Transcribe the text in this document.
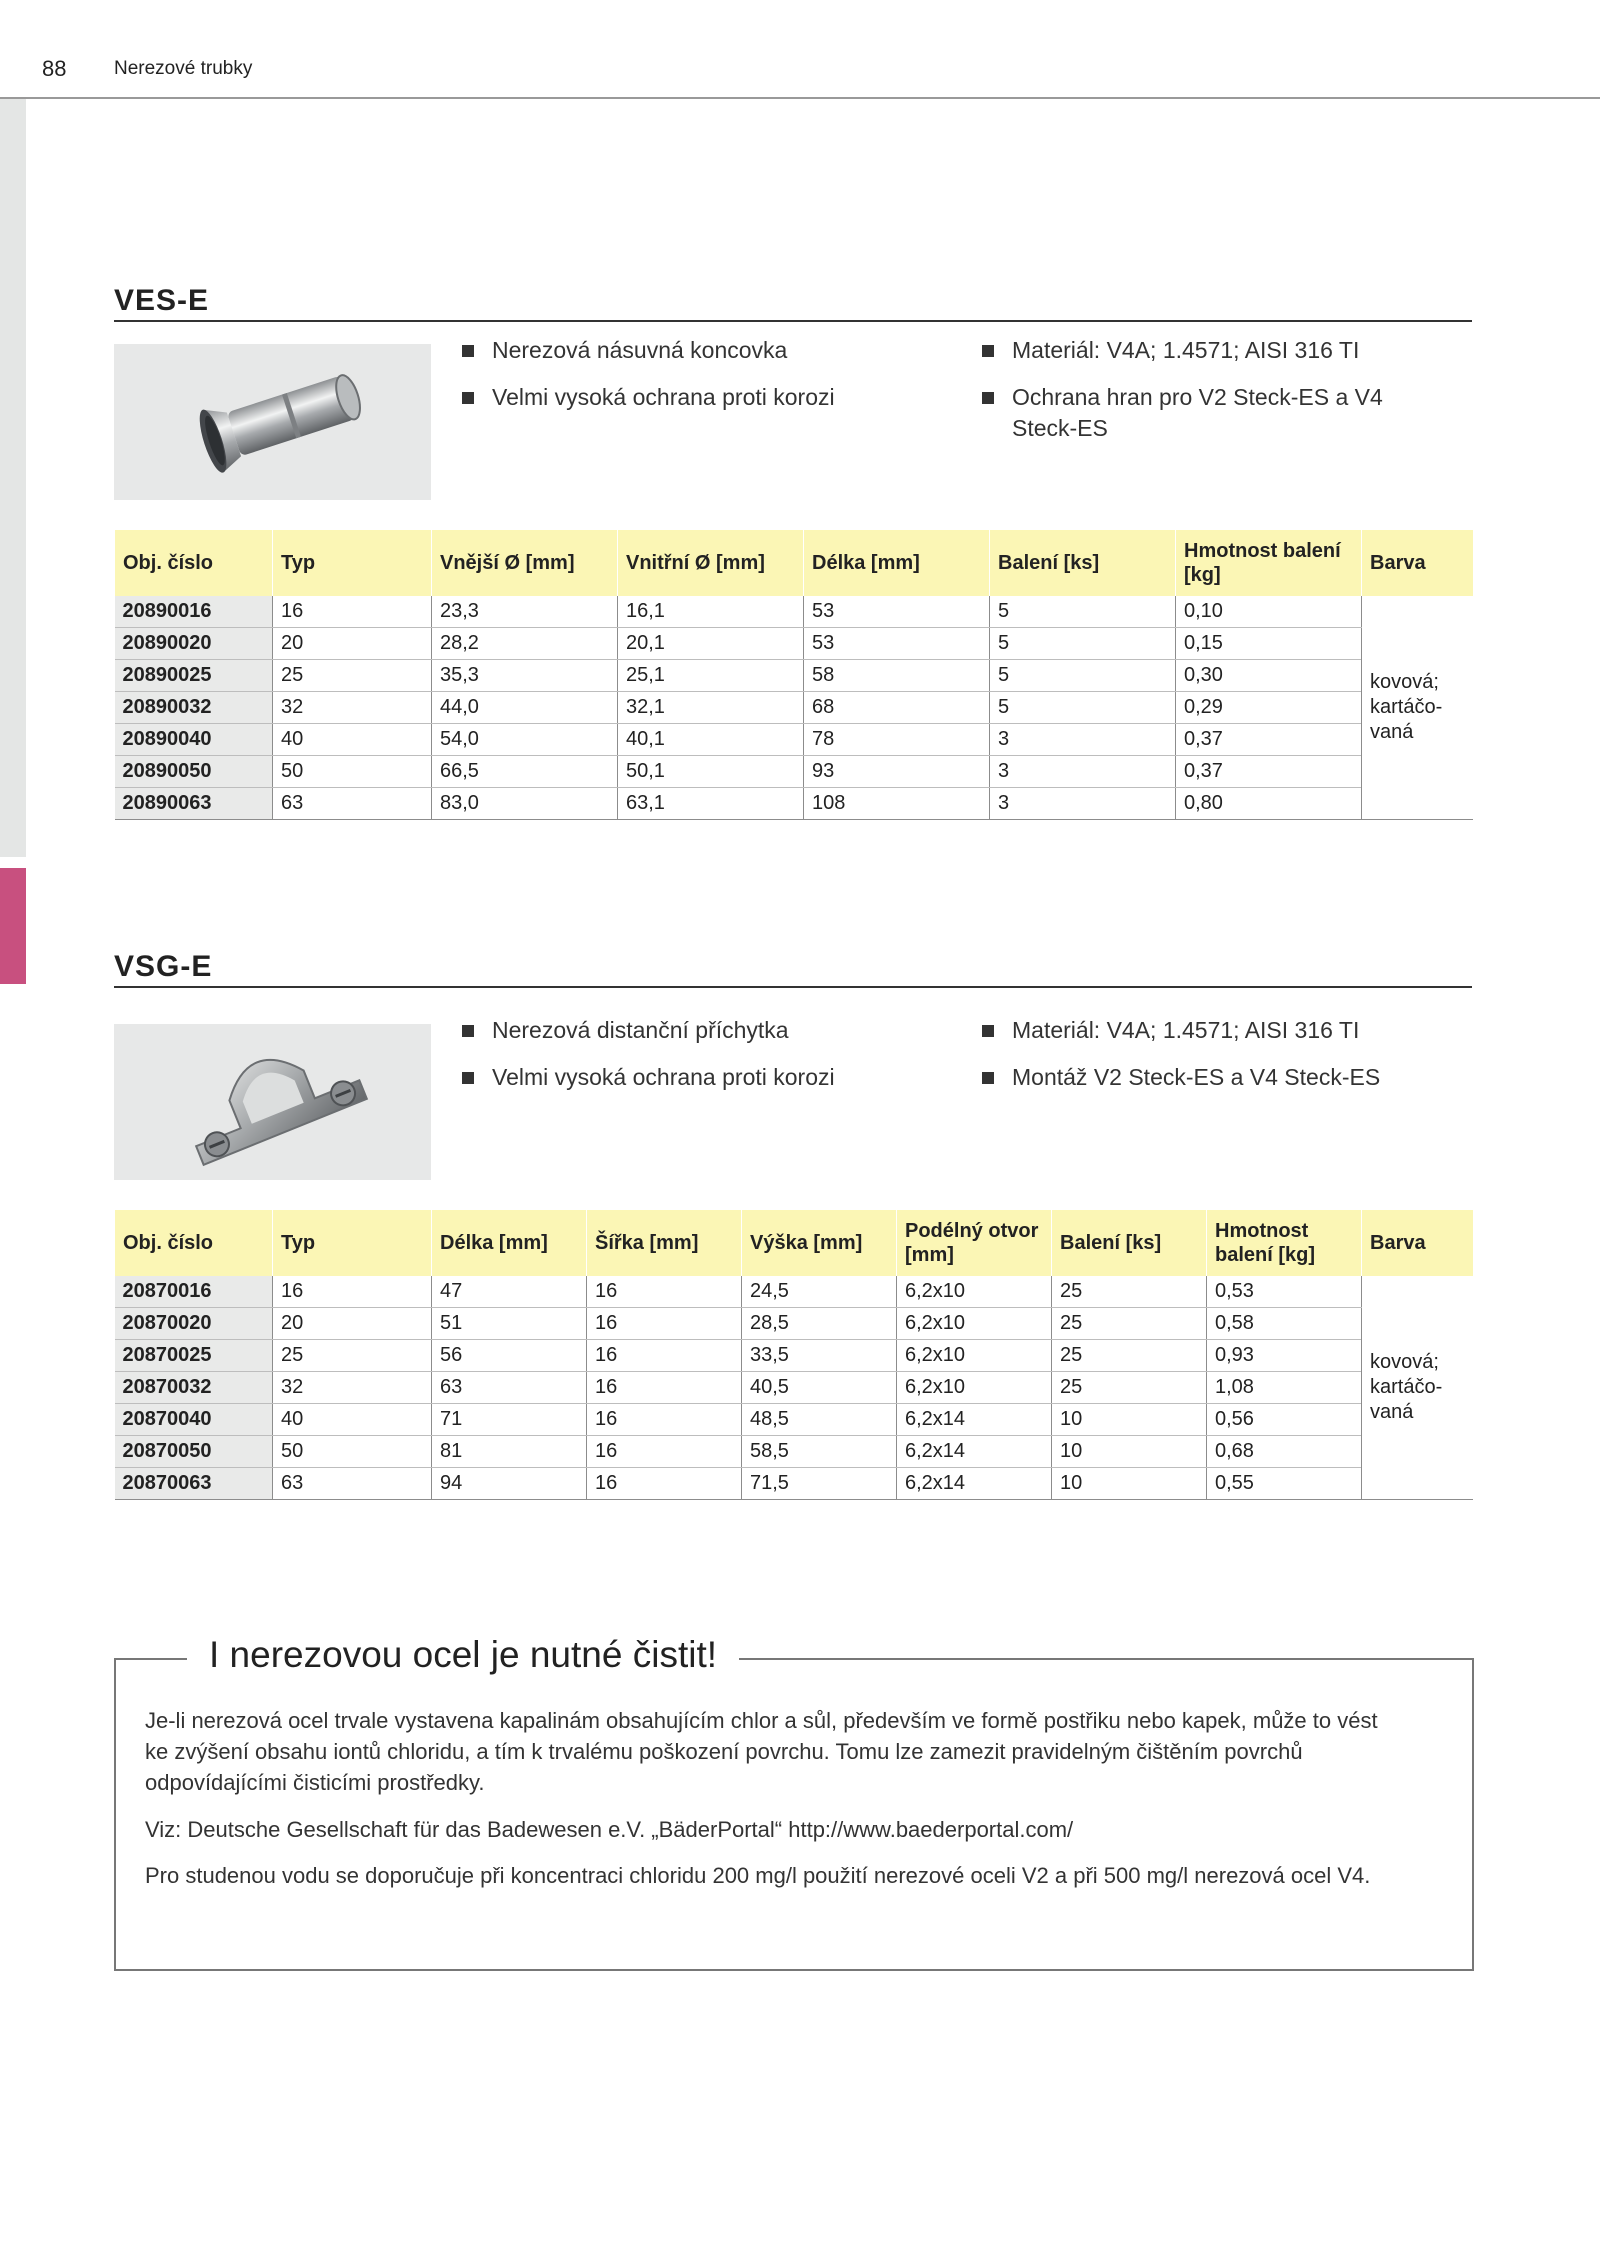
88	Nerezové trubky
VES-E
Nerezová násuvná koncovka
Velmi vysoká ochrana proti korozi
Materiál: V4A; 1.4571; AISI 316 TI
Ochrana hran pro V2 Steck-ES a V4 Steck-ES
Obj. číslo	Typ	Vnější Ø [mm]	Vnitřní Ø [mm]	Délka [mm]	Balení [ks]	Hmotnost balení [kg]	Barva
20890016	16	23,3	16,1	53	5	0,10	kovová; kartáčo-vaná
20890020	20	28,2	20,1	53	5	0,15	
20890025	25	35,3	25,1	58	5	0,30	
20890032	32	44,0	32,1	68	5	0,29	
20890040	40	54,0	40,1	78	3	0,37	
20890050	50	66,5	50,1	93	3	0,37	
20890063	63	83,0	63,1	108	3	0,80	
VSG-E
Nerezová distanční příchytka
Velmi vysoká ochrana proti korozi
Materiál: V4A; 1.4571; AISI 316 TI
Montáž V2 Steck-ES a V4 Steck-ES
Obj. číslo	Typ	Délka [mm]	Šířka [mm]	Výška [mm]	Podélný otvor [mm]	Balení [ks]	Hmotnost balení [kg]	Barva
20870016	16	47	16	24,5	6,2x10	25	0,53	kovová; kartáčo-vaná
20870020	20	51	16	28,5	6,2x10	25	0,58	
20870025	25	56	16	33,5	6,2x10	25	0,93	
20870032	32	63	16	40,5	6,2x10	25	1,08	
20870040	40	71	16	48,5	6,2x14	10	0,56	
20870050	50	81	16	58,5	6,2x14	10	0,68	
20870063	63	94	16	71,5	6,2x14	10	0,55	
I nerezovou ocel je nutné čistit!
Je-li nerezová ocel trvale vystavena kapalinám obsahujícím chlor a sůl, především ve formě postřiku nebo kapek, může to vést ke zvýšení obsahu iontů chloridu, a tím k trvalému poškození povrchu. Tomu lze zamezit pravidelným čištěním povrchů odpovídajícími čisticími prostředky.
Viz: Deutsche Gesellschaft für das Badewesen e.V. „BäderPortal“ http://www.baederportal.com/
Pro studenou vodu se doporučuje při koncentraci chloridu 200 mg/l použití nerezové oceli V2 a při 500 mg/l nerezová ocel V4.
